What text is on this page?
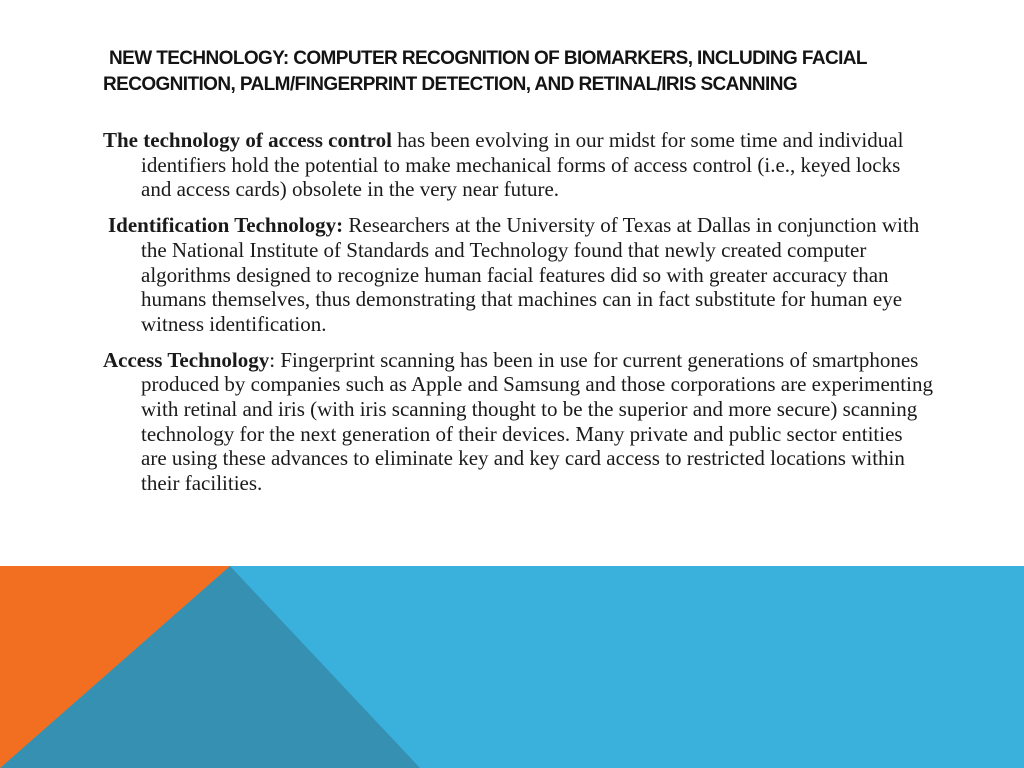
NEW TECHNOLOGY: COMPUTER RECOGNITION OF BIOMARKERS, INCLUDING FACIAL
RECOGNITION, PALM/FINGERPRINT DETECTION, AND RETINAL/IRIS SCANNING

The technology of access control has been evolving in our midst for some time and individual identifiers hold the potential to make mechanical forms of access control (i.e., keyed locks and access cards) obsolete in the very near future.

Identification Technology: Researchers at the University of Texas at Dallas in conjunction with the National Institute of Standards and Technology found that newly created computer algorithms designed to recognize human facial features did so with greater accuracy than humans themselves, thus demonstrating that machines can in fact substitute for human eye witness identification.

Access Technology: Fingerprint scanning has been in use for current generations of smartphones produced by companies such as Apple and Samsung and those corporations are experimenting with retinal and iris (with iris scanning thought to be the superior and more secure) scanning technology for the next generation of their devices. Many private and public sector entities are using these advances to eliminate key and key card access to restricted locations within their facilities.
